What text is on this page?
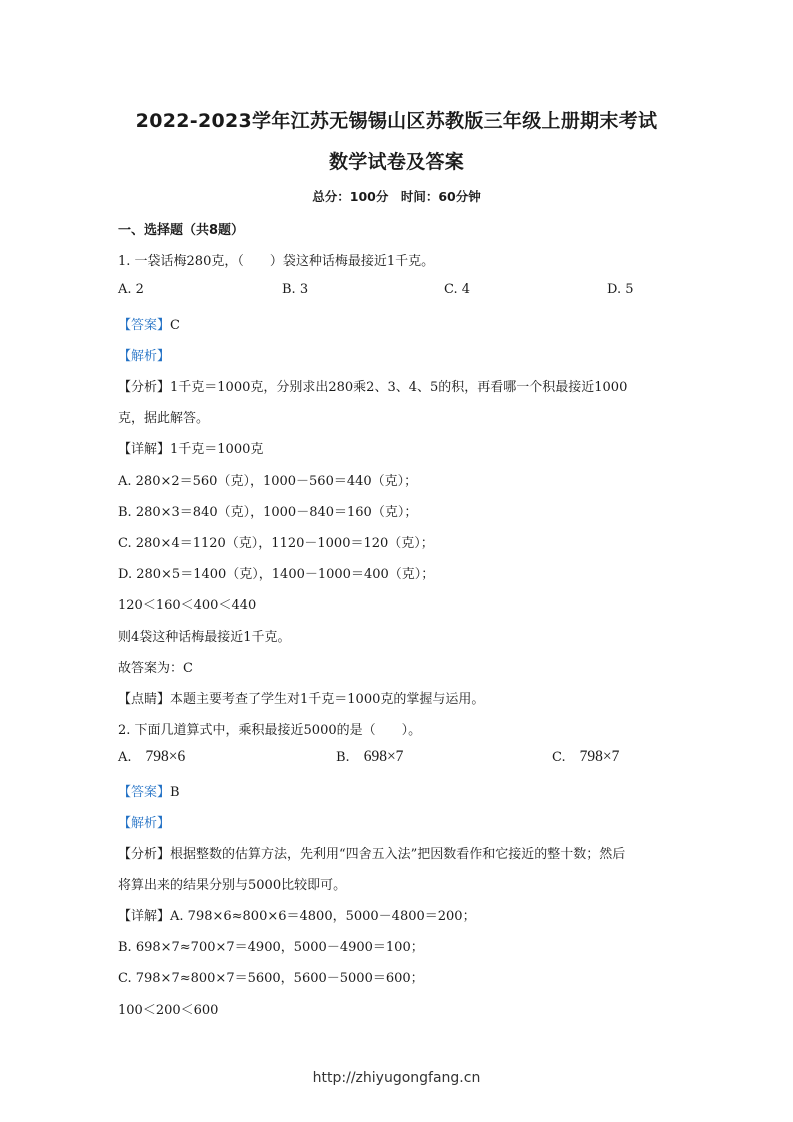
2022-2023学年江苏无锡锡山区苏教版三年级上册期末考试
数学试卷及答案
总分：100分　时间：60分钟
一、选择题（共8题）
1. 一袋话梅280克，（　　）袋这种话梅最接近1千克。
A. 2	B. 3	C. 4	D. 5
【答案】C
【解析】
【分析】1千克＝1000克，分别求出280乘2、3、4、5的积，再看哪一个积最接近1000
克，据此解答。
【详解】1千克＝1000克
A. 280×2＝560（克），1000－560＝440（克）；
B. 280×3＝840（克），1000－840＝160（克）；
C. 280×4＝1120（克），1120－1000＝120（克）；
D. 280×5＝1400（克），1400－1000＝400（克）；
120＜160＜400＜440
则4袋这种话梅最接近1千克。
故答案为：C
【点睛】本题主要考查了学生对1千克＝1000克的掌握与运用。
2. 下面几道算式中，乘积最接近5000的是（　　）。
A. 798×6	B. 698×7	C. 798×7
【答案】B
【解析】
【分析】根据整数的估算方法，先利用“四舍五入法”把因数看作和它接近的整十数；然后
将算出来的结果分别与5000比较即可。
【详解】A. 798×6≈800×6＝4800，5000－4800＝200；
B. 698×7≈700×7＝4900，5000－4900＝100；
C. 798×7≈800×7＝5600，5600－5000＝600；
100＜200＜600
http://zhiyugongfang.cn
